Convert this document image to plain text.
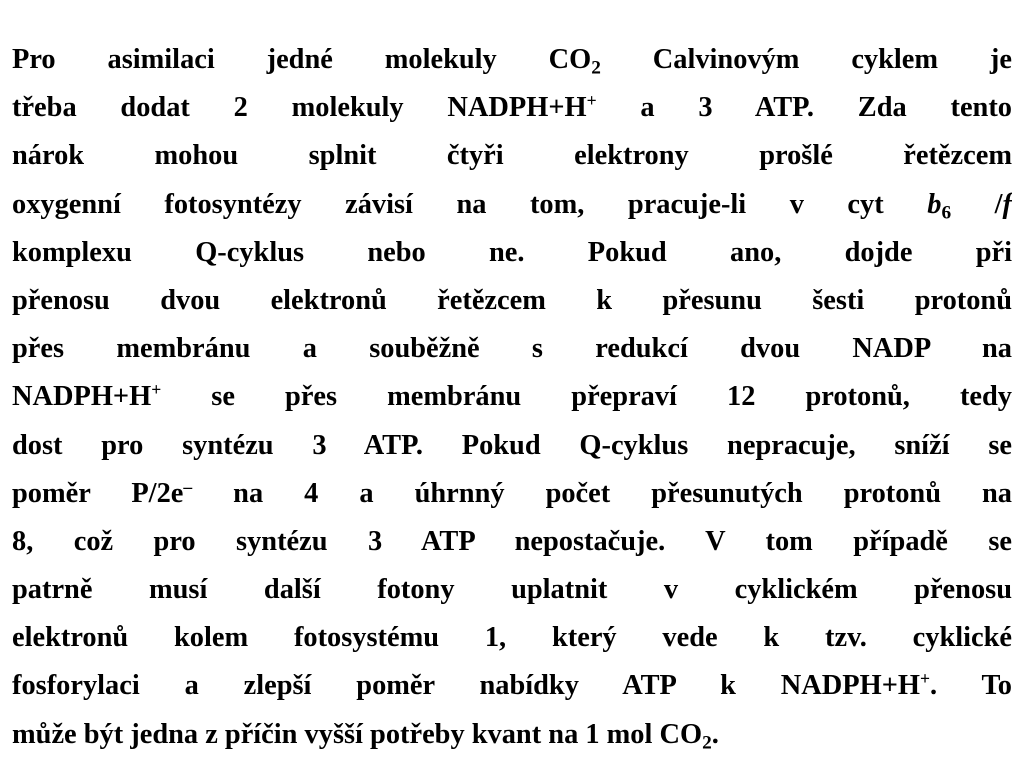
Pro asimilaci jedné molekuly $CO_2$ Calvinovým cyklem je
třeba dodat 2 molekuly NADPH+H+ a 3 ATP. Zda tento
nárok mohou splnit čtyři elektrony prošlé řetězcem
oxygenní fotosyntézy závisí na tom, pracuje-li v cyt $b_6$ /f
komplexu Q-cyklus nebo ne. Pokud ano, dojde při
přenosu dvou elektronů řetězcem k přesunu šesti protonů
přes membránu a souběžně s redukcí dvou NADP na
NADPH+H+ se přes membránu přepraví 12 protonů, tedy
dost pro syntézu 3 ATP. Pokud Q-cyklus nepracuje, sníží se
poměr P/2e– na 4 a úhrnný počet přesunutých protonů na
8, což pro syntézu 3 ATP nepostačuje. V tom případě se
patrně musí další fotony uplatnit v cyklickém přenosu
elektronů kolem fotosystému 1, který vede k tzv. cyklické
fosforylaci a zlepší poměr nabídky ATP k NADPH+H+. To
může být jedna z příčin vyšší potřeby kvant na 1 mol $CO_2$.
